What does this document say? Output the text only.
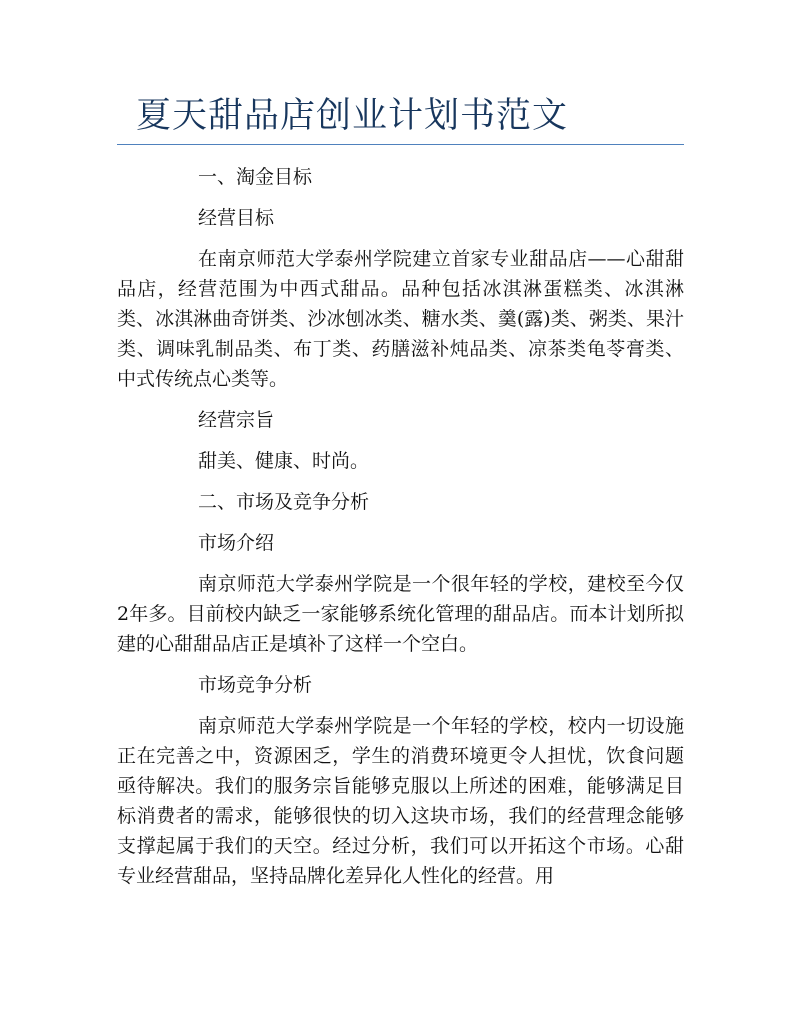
夏天甜品店创业计划书范文

一、淘金目标

经营目标

在南京师范大学泰州学院建立首家专业甜品店——心甜甜品店，经营范围为中西式甜品。品种包括冰淇淋蛋糕类、冰淇淋类、冰淇淋曲奇饼类、沙冰刨冰类、糖水类、羹(露)类、粥类、果汁类、调味乳制品类、布丁类、药膳滋补炖品类、凉茶类龟苓膏类、中式传统点心类等。

经营宗旨

甜美、健康、时尚。

二、市场及竞争分析

市场介绍

南京师范大学泰州学院是一个很年轻的学校，建校至今仅2年多。目前校内缺乏一家能够系统化管理的甜品店。而本计划所拟建的心甜甜品店正是填补了这样一个空白。

市场竞争分析

南京师范大学泰州学院是一个年轻的学校，校内一切设施正在完善之中，资源困乏，学生的消费环境更令人担忧，饮食问题亟待解决。我们的服务宗旨能够克服以上所述的困难，能够满足目标消费者的需求，能够很快的切入这块市场，我们的经营理念能够支撑起属于我们的天空。经过分析，我们可以开拓这个市场。心甜专业经营甜品，坚持品牌化差异化人性化的经营。用
